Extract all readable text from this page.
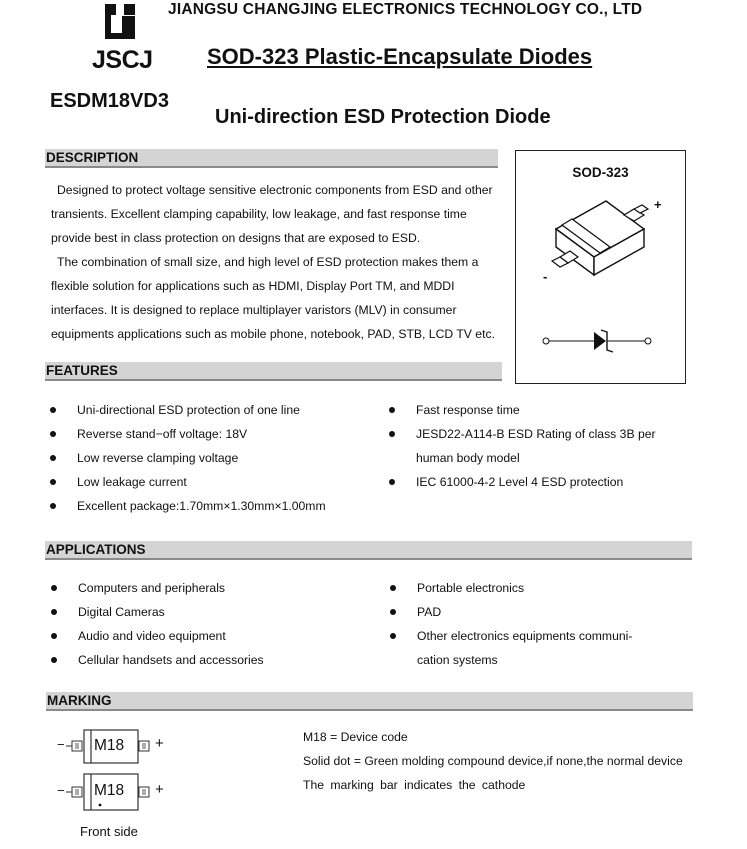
JSCJ
JIANGSU CHANGJING ELECTRONICS TECHNOLOGY CO., LTD
SOD-323 Plastic-Encapsulate Diodes
ESDM18VD3
Uni-direction ESD Protection Diode
DESCRIPTION

Designed to protect voltage sensitive electronic components from ESD and other

transients. Excellent clamping capability, low leakage, and fast response time

provide best in class protection on designs that are exposed to ESD.

The combination of small size, and high level of ESD protection makes them a

flexible solution for applications such as HDMI, Display Port TM, and MDDI

interfaces. It is designed to replace multiplayer varistors (MLV) in consumer

equipments applications such as mobile phone, notebook, PAD, STB, LCD TV etc.

SOD-323
+
-
FEATURES
Uni-directional ESD protection of one line
Reverse stand−off voltage: 18V
Low reverse clamping voltage
Low leakage current
Excellent package:1.70mm×1.30mm×1.00mm
Fast response time
JESD22-A114-B ESD Rating of class 3B per human body model
IEC 61000-4-2 Level 4 ESD protection
APPLICATIONS
Computers and peripherals
Digital Cameras
Audio and video equipment
Cellular handsets and accessories
Portable electronics
PAD
Other electronics equipments communi- cation systems
MARKING
− M18 +
− M18 +
Front side
M18 = Device code
Solid dot = Green molding compound device,if none,the normal device
The marking bar indicates the cathode
